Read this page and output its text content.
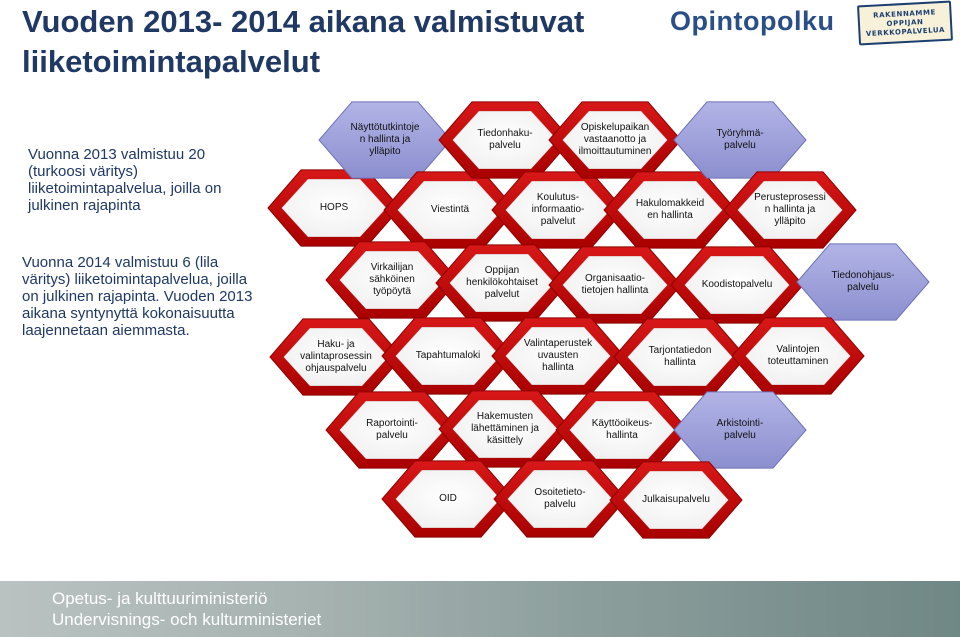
Vuoden 2013- 2014 aikana valmistuvat liiketoimintapalvelut
Opintopolku	RAKENNAMME
OPPIJAN
VERKKOPALVELUA
Vuonna 2013 valmistuu 20 (turkoosi väritys) liiketoimintapalvelua, joilla on julkinen rajapinta
Vuonna 2014 valmistuu 6 (lila väritys) liiketoimintapalvelua, joilla on julkinen rajapinta. Vuoden 2013 aikana syntynyttä kokonaisuutta laajennetaan aiemmasta.
HOPS
Näyttötutkintoje
n hallinta ja
ylläpito
Viestintä
Tiedonhaku-
palvelu
Koulutus-
informaatio-
palvelut
Opiskelupaikan
vastaanotto ja
ilmoittautuminen
Hakulomakkeid
en hallinta
Työryhmä-
palvelu
Perusteprosessi
n hallinta ja
ylläpito
Virkailijan
sähköinen
työpöytä
Oppijan
henkilökohtaiset
palvelut
Organisaatio-
tietojen hallinta
Koodistopalvelu
Tiedonohjaus-
palvelu
Haku- ja
valintaprosessin
ohjauspalvelu
Tapahtumaloki
Valintaperustek
uvausten
hallinta
Tarjontatiedon
hallinta
Valintojen
toteuttaminen
Raportointi-
palvelu
Hakemusten
lähettäminen ja
käsittely
Käyttöoikeus-
hallinta
Arkistointi-
palvelu
OID
Osoitetieto-
palvelu	Julkaisupalvelu
Opetus- ja kulttuuriministeriö
Undervisnings- och kulturministeriet
